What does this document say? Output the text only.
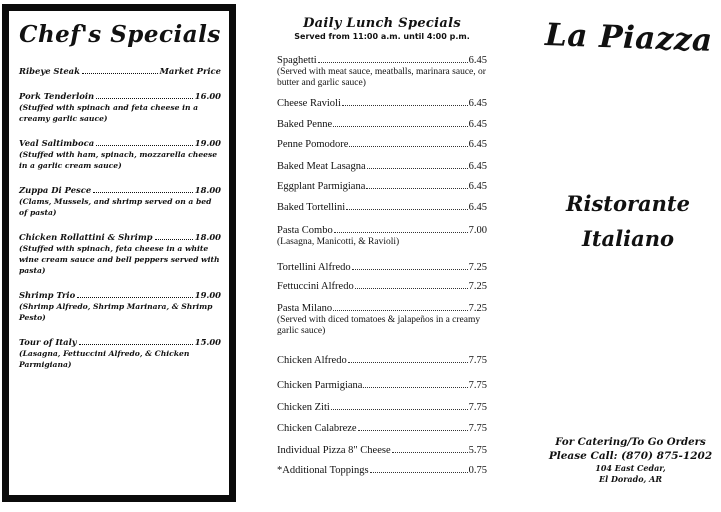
Chef's Specials
Ribeye Steak	Market Price
Pork Tenderloin	16.00
(Stuffed with spinach and feta cheese in a creamy garlic sauce)
Veal Saltimboca	19.00
(Stuffed with ham, spinach, mozzarella cheese in a garlic cream sauce)
Zuppa Di Pesce	18.00
(Clams, Mussels, and shrimp served on a bed of pasta)
Chicken Rollattini & Shrimp	18.00
(Stuffed with spinach, feta cheese in a white wine cream sauce and bell peppers served with pasta)
Shrimp Trio	19.00
(Shrimp Alfredo, Shrimp Marinara, & Shrimp Pesto)
Tour of Italy	15.00
(Lasagna, Fettuccini Alfredo, & Chicken Parmigiana)
Daily Lunch Specials
Served from 11:00 a.m. until 4:00 p.m.
Spaghetti	6.45
(Served with meat sauce, meatballs, marinara sauce, or butter and garlic sauce)
Cheese Ravioli	6.45
Baked Penne	6.45
Penne Pomodore	6.45
Baked Meat Lasagna	6.45
Eggplant Parmigiana	6.45
Baked Tortellini	6.45
Pasta Combo	7.00
(Lasagna, Manicotti, & Ravioli)
Tortellini Alfredo	7.25
Fettuccini Alfredo	7.25
Pasta Milano	7.25
(Served with diced tomatoes & jalapeños in a creamy garlic sauce)
Chicken Alfredo	7.75
Chicken Parmigiana	7.75
Chicken Ziti	7.75
Chicken Calabreze	7.75
Individual Pizza 8" Cheese	5.75
*Additional Toppings	0.75
La Piazza
Ristorante
Italiano
For Catering/To Go Orders
Please Call: (870) 875-1202
104 East Cedar,
El Dorado, AR
